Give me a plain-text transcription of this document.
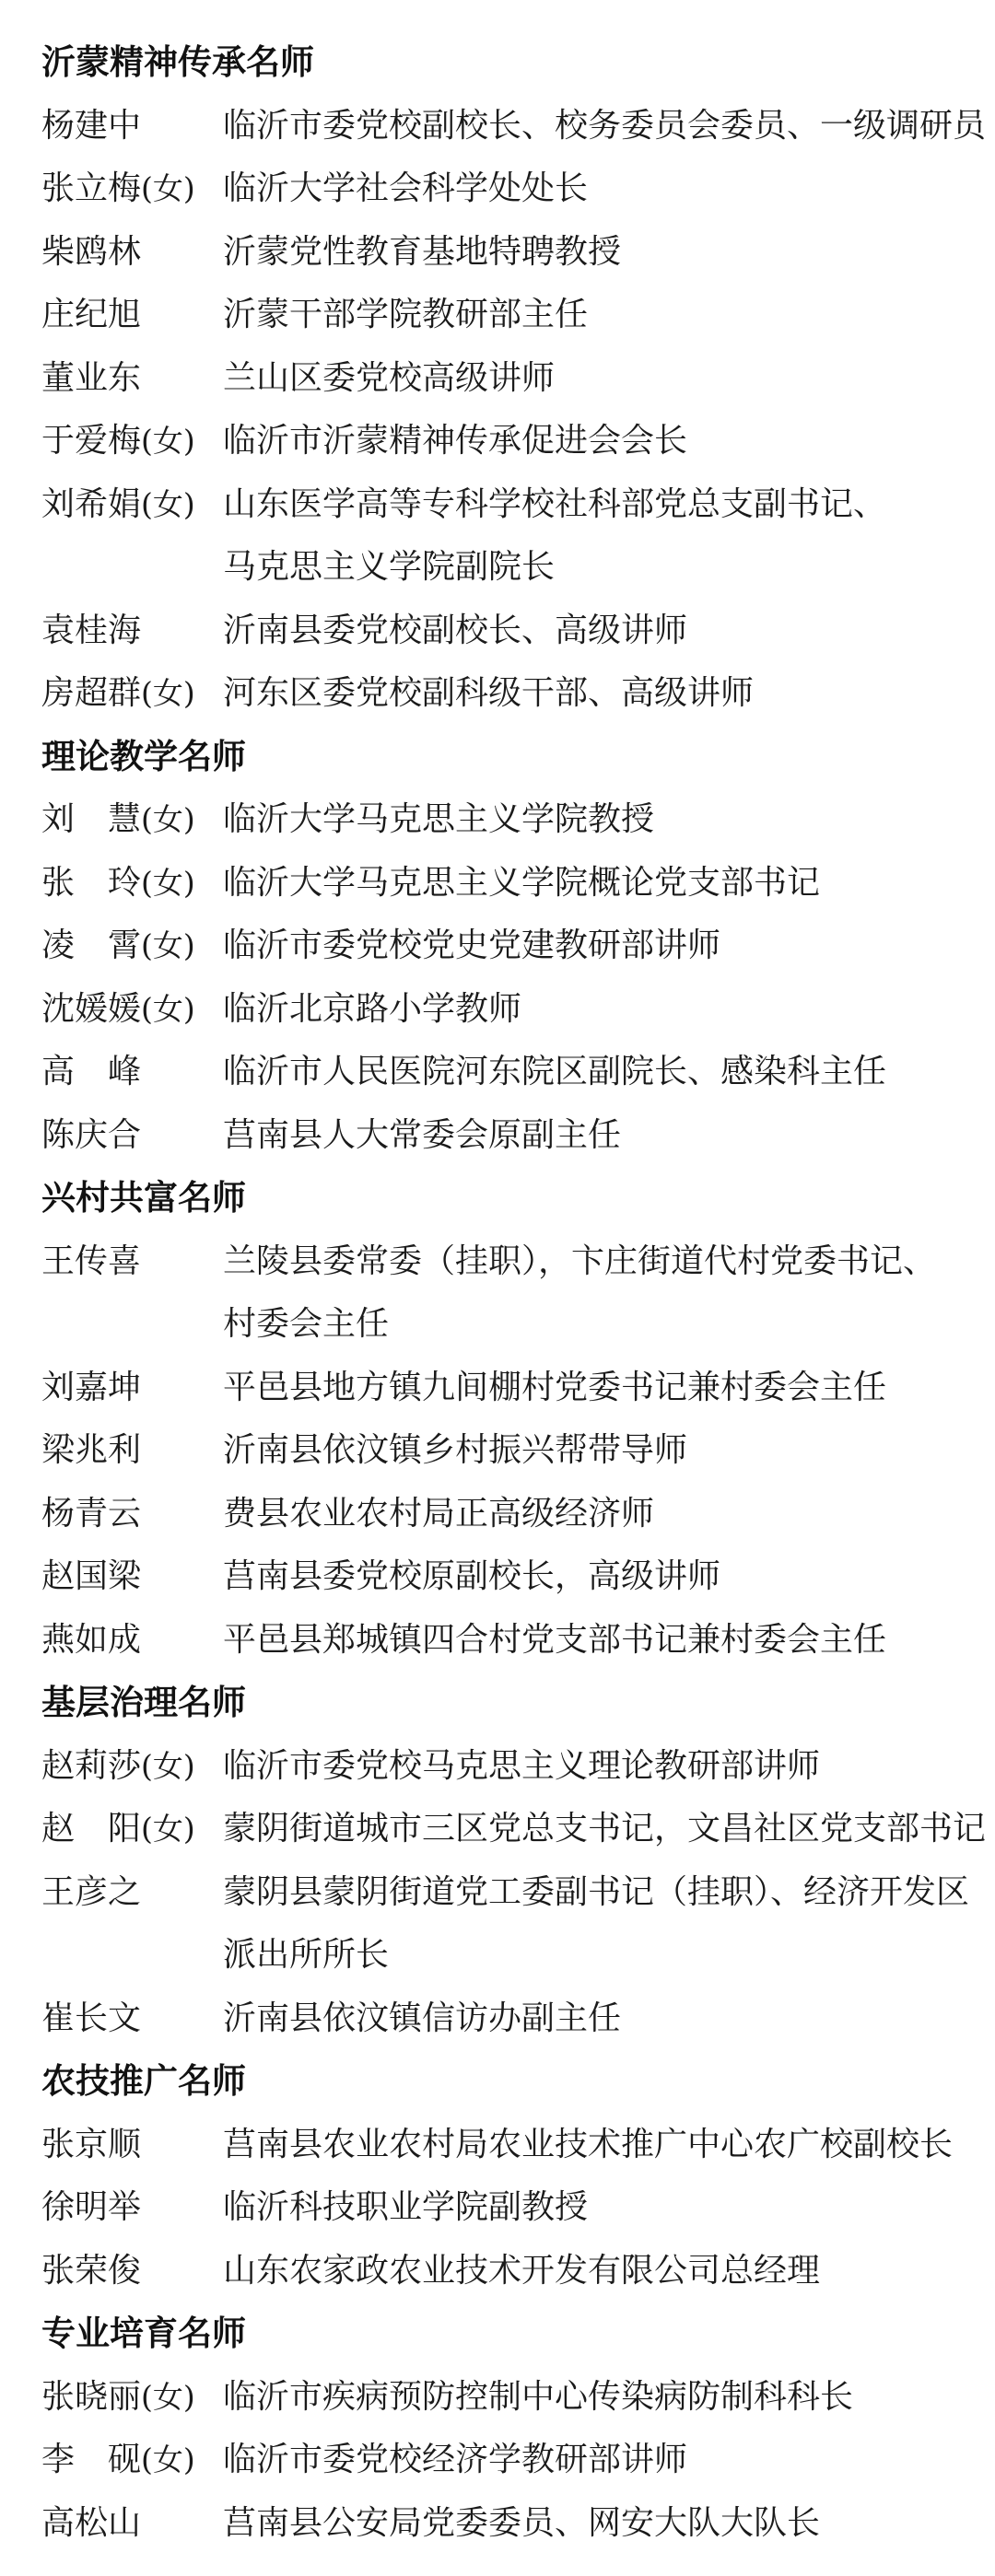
沂蒙精神传承名师
杨建中	临沂市委党校副校长、校务委员会委员、一级调研员
张立梅(女) 临沂大学社会科学处处长
柴鸥林	沂蒙党性教育基地特聘教授
庄纪旭	沂蒙干部学院教研部主任
董业东	兰山区委党校高级讲师
于爱梅(女) 临沂市沂蒙精神传承促进会会长
刘希娟(女) 山东医学高等专科学校社科部党总支副书记、
马克思主义学院副院长
袁桂海	沂南县委党校副校长、高级讲师
房超群(女) 河东区委党校副科级干部、高级讲师
理论教学名师
刘　慧(女) 临沂大学马克思主义学院教授
张　玲(女) 临沂大学马克思主义学院概论党支部书记
凌　霄(女) 临沂市委党校党史党建教研部讲师
沈媛媛(女) 临沂北京路小学教师
高　峰	临沂市人民医院河东院区副院长、感染科主任
陈庆合	莒南县人大常委会原副主任
兴村共富名师
王传喜	兰陵县委常委（挂职），卞庄街道代村党委书记、
村委会主任
刘嘉坤	平邑县地方镇九间棚村党委书记兼村委会主任
梁兆利	沂南县依汶镇乡村振兴帮带导师
杨青云	费县农业农村局正高级经济师
赵国梁	莒南县委党校原副校长，高级讲师
燕如成	平邑县郑城镇四合村党支部书记兼村委会主任
基层治理名师
赵莉莎(女) 临沂市委党校马克思主义理论教研部讲师
赵　阳(女) 蒙阴街道城市三区党总支书记，文昌社区党支部书记
王彦之	蒙阴县蒙阴街道党工委副书记（挂职）、经济开发区
派出所所长
崔长文	沂南县依汶镇信访办副主任
农技推广名师
张京顺	莒南县农业农村局农业技术推广中心农广校副校长
徐明举	临沂科技职业学院副教授
张荣俊	山东农家政农业技术开发有限公司总经理
专业培育名师
张晓丽(女) 临沂市疾病预防控制中心传染病防制科科长
李　砚(女) 临沂市委党校经济学教研部讲师
高松山	莒南县公安局党委委员、网安大队大队长
